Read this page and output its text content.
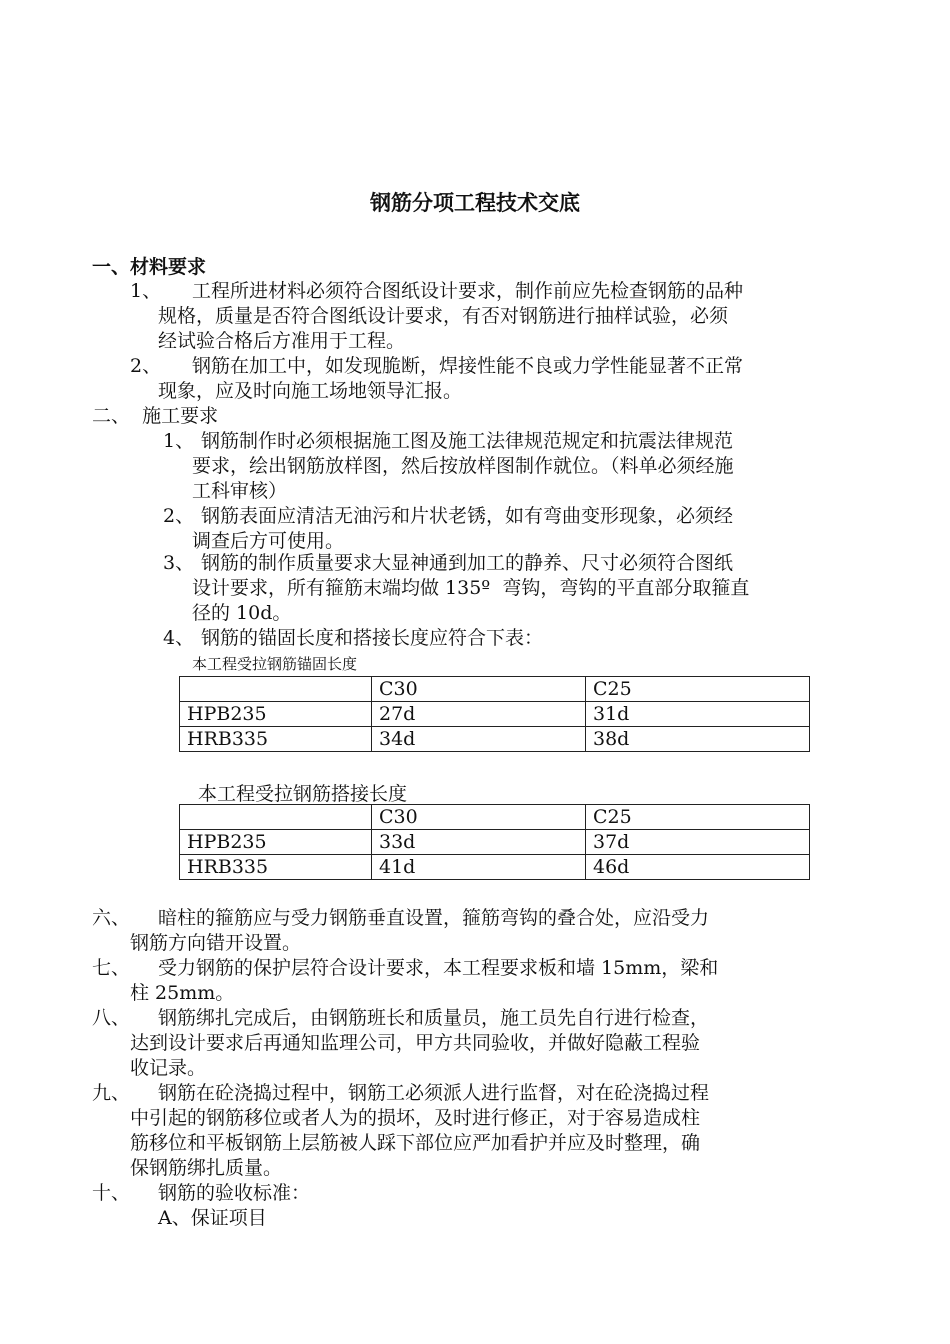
钢筋分项工程技术交底
一、材料要求
1、 工程所进材料必须符合图纸设计要求，制作前应先检查钢筋的品种
规格，质量是否符合图纸设计要求，有否对钢筋进行抽样试验，必须
经试验合格后方准用于工程。
2、 钢筋在加工中，如发现脆断，焊接性能不良或力学性能显著不正常
现象，应及时向施工场地领导汇报。
二、  施工要求
1、 钢筋制作时必须根据施工图及施工法律规范规定和抗震法律规范
要求，绘出钢筋放样图，然后按放样图制作就位。（料单必须经施
工科审核）
2、 钢筋表面应清洁无油污和片状老锈，如有弯曲变形现象，必须经
调查后方可使用。
3、 钢筋的制作质量要求大显神通到加工的静养、尺寸必须符合图纸
设计要求，所有箍筋末端均做 135º  弯钩，弯钩的平直部分取箍直
径的 10d。
4、 钢筋的锚固长度和搭接长度应符合下表：
本工程受拉钢筋锚固长度
	C30	C25
HPB235	27d	31d
HRB335	34d	38d
本工程受拉钢筋搭接长度
	C30	C25
HPB235	33d	37d
HRB335	41d	46d
六、 暗柱的箍筋应与受力钢筋垂直设置，箍筋弯钩的叠合处，应沿受力
钢筋方向错开设置。
七、 受力钢筋的保护层符合设计要求，本工程要求板和墙 15mm，梁和
柱 25mm。
八、 钢筋绑扎完成后，由钢筋班长和质量员，施工员先自行进行检查，
达到设计要求后再通知监理公司，甲方共同验收，并做好隐蔽工程验
收记录。
九、 钢筋在砼浇捣过程中，钢筋工必须派人进行监督，对在砼浇捣过程
中引起的钢筋移位或者人为的损坏，及时进行修正，对于容易造成柱
筋移位和平板钢筋上层筋被人踩下部位应严加看护并应及时整理，确
保钢筋绑扎质量。
十、 钢筋的验收标准：
A、保证项目
